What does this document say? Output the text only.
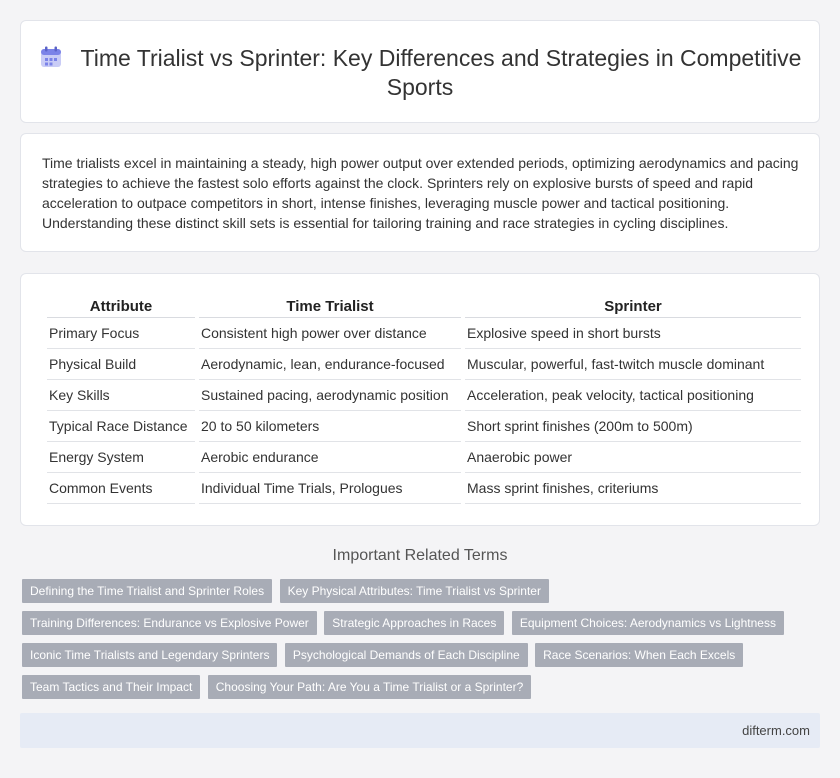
Time Trialist vs Sprinter: Key Differences and Strategies in Competitive Sports

Time trialists excel in maintaining a steady, high power output over extended periods, optimizing aerodynamics and pacing strategies to achieve the fastest solo efforts against the clock. Sprinters rely on explosive bursts of speed and rapid acceleration to outpace competitors in short, intense finishes, leveraging muscle power and tactical positioning. Understanding these distinct skill sets is essential for tailoring training and race strategies in cycling disciplines.

Attribute	Time Trialist	Sprinter
Primary Focus	Consistent high power over distance	Explosive speed in short bursts
Physical Build	Aerodynamic, lean, endurance-focused	Muscular, powerful, fast-twitch muscle dominant
Key Skills	Sustained pacing, aerodynamic position	Acceleration, peak velocity, tactical positioning
Typical Race Distance	20 to 50 kilometers	Short sprint finishes (200m to 500m)
Energy System	Aerobic endurance	Anaerobic power
Common Events	Individual Time Trials, Prologues	Mass sprint finishes, criteriums
Important Related Terms
Defining the Time Trialist and Sprinter Roles Key Physical Attributes: Time Trialist vs Sprinter
Training Differences: Endurance vs Explosive Power Strategic Approaches in Races Equipment Choices: Aerodynamics vs Lightness
Iconic Time Trialists and Legendary Sprinters Psychological Demands of Each Discipline Race Scenarios: When Each Excels
Team Tactics and Their Impact Choosing Your Path: Are You a Time Trialist or a Sprinter?
difterm.com
